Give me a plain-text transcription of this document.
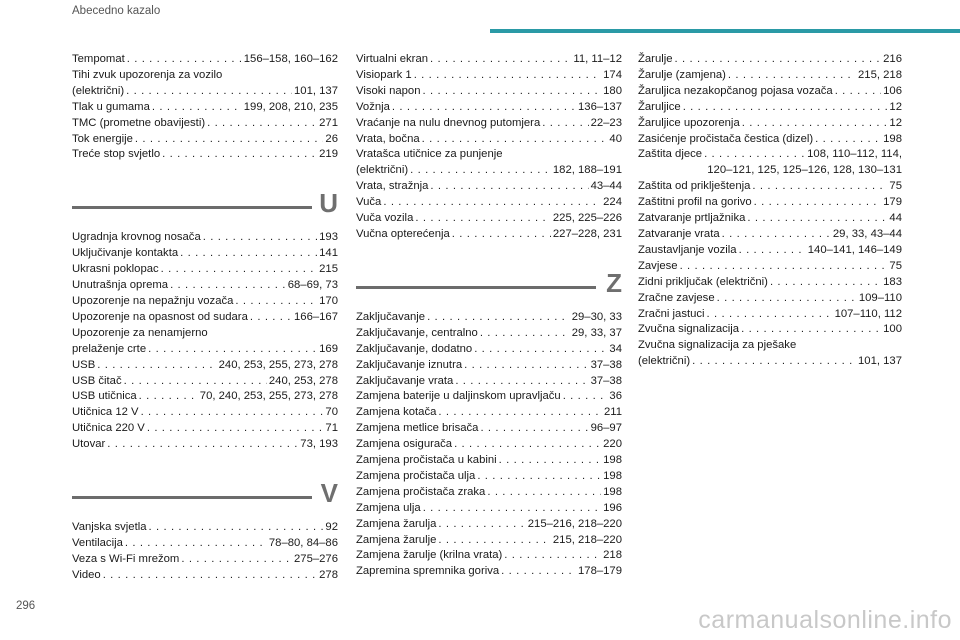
Abecedno kazalo
Tempomat . . .	156–158, 160–162
Tihi zvuk upozorenja za vozilo
(električni) . . .	101, 137
Tlak u gumama . . .	199, 208, 210, 235
TMC (prometne obavijesti) . . .	271
Tok energije . . .	26
Treće stop svjetlo . . .	219
U
Ugradnja krovnog nosača . . .	193
Uključivanje kontakta . . .	141
Ukrasni poklopac . . .	215
Unutrašnja oprema . . .	68–69, 73
Upozorenje na nepažnju vozača . . .	170
Upozorenje na opasnost od sudara . . .	166–167
Upozorenje za nenamjerno
prelaženje crte . . .	169
USB . . .	240, 253, 255, 273, 278
USB čitač . . .	240, 253, 278
USB utičnica . . .	70, 240, 253, 255, 273, 278
Utičnica 12 V . . .	70
Utičnica 220 V . . .	71
Utovar . . .	73, 193
V
Vanjska svjetla . . .	92
Ventilacija . . .	78–80, 84–86
Veza s Wi-Fi mrežom . . .	275–276
Video . . .	278
Virtualni ekran . . .	11, 11–12
Visiopark 1 . . .	174
Visoki napon . . .	180
Vožnja . . .	136–137
Vraćanje na nulu dnevnog putomjera . . .	22–23
Vrata, bočna . . .	40
Vratašca utičnice za punjenje
(električni) . . .	182, 188–191
Vrata, stražnja . . .	43–44
Vuča . . .	224
Vuča vozila . . .	225, 225–226
Vučna opterećenja . . .	227–228, 231
Z
Zaključavanje . . .	29–30, 33
Zaključavanje, centralno . . .	29, 33, 37
Zaključavanje, dodatno . . .	34
Zaključavanje iznutra . . .	37–38
Zaključavanje vrata . . .	37–38
Zamjena baterije u daljinskom upravljaču . . .	36
Zamjena kotača . . .	211
Zamjena metlice brisača . . .	96–97
Zamjena osigurača . . .	220
Zamjena pročistača u kabini . . .	198
Zamjena pročistača ulja . . .	198
Zamjena pročistača zraka . . .	198
Zamjena ulja . . .	196
Zamjena žarulja . . .	215–216, 218–220
Zamjena žarulje . . .	215, 218–220
Zamjena žarulje (krilna vrata) . . .	218
Zapremina spremnika goriva . . .	178–179
Žarulje . . .	216
Žarulje (zamjena) . . .	215, 218
Žaruljica nezakopčanog pojasa vozača . . .	106
Žaruljice . . .	12
Žaruljice upozorenja . . .	12
Zasićenje pročistača čestica (dizel) . . .	198
Zaštita djece . . .	108, 110–112, 114,
120–121, 125, 125–126, 128, 130–131
Zaštita od priklještenja . . .	75
Zaštitni profil na gorivo . . .	179
Zatvaranje prtljažnika . . .	44
Zatvaranje vrata . . .	29, 33, 43–44
Zaustavljanje vozila . . .	140–141, 146–149
Zavjese . . .	75
Zidni priključak (električni) . . .	183
Zračne zavjese . . .	109–110
Zračni jastuci . . .	107–110, 112
Zvučna signalizacija . . .	100
Zvučna signalizacija za pješake
(električni) . . .	101, 137
296	carmanualsonline.info
